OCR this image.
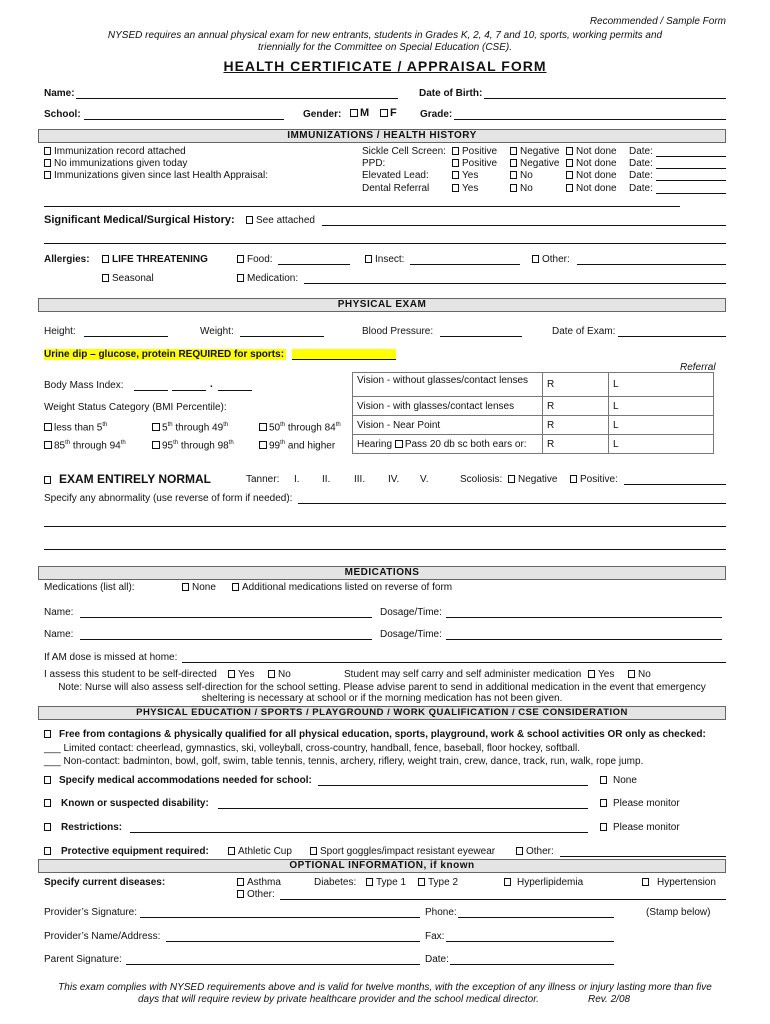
Recommended / Sample Form
NYSED requires an annual physical exam for new entrants, students in Grades K, 2, 4, 7 and 10, sports, working permits and
triennially for the Committee on Special Education (CSE).
HEALTH CERTIFICATE / APPRAISAL FORM
Name:	Date of Birth:
School:	Gender:	M	F Grade:
IMMUNIZATIONS / HEALTH HISTORY
Immunization record attached
No immunizations given today
Immunizations given since last Health Appraisal:
Sickle Cell Screen:	Positive	Negative	Not done Date:
PPD:	Positive	Negative	Not done Date:
Elevated Lead:	Yes	No	Not done Date:
Dental Referral	Yes	No	Not done Date:
Significant Medical/Surgical History:	See attached
Allergies:	LIFE THREATENING	Food:	Insect:	Other:
Seasonal	Medication:
PHYSICAL EXAM
Height:	Weight:	Blood Pressure:	Date of Exam:
Urine dip – glucose, protein REQUIRED for sports:
Referral
Body Mass Index:	.
Weight Status Category (BMI Percentile):
less than 5th	5th through 49th	50th through 84th
85th through 94th	95th through 98th	99th and higher
Vision - without glasses/contact lenses	R	L
Vision - with glasses/contact lenses	R	L
Vision - Near Point	R	L
Hearing Pass 20 db sc both ears or:	R	L
EXAM ENTIRELY NORMAL	Tanner: I. II. III. IV. V.	Scoliosis:	Negative	Positive:
Specify any abnormality (use reverse of form if needed):
MEDICATIONS
Medications (list all):	None	Additional medications listed on reverse of form
Name:	Dosage/Time:
Name:	Dosage/Time:
If AM dose is missed at home:
I assess this student to be self-directed	Yes	No	Student may self carry and self administer medication	Yes	No
Note: Nurse will also assess self-direction for the school setting. Please advise parent to send in additional medication in the event that emergency
sheltering is necessary at school or if the morning medication has not been given.
PHYSICAL EDUCATION / SPORTS / PLAYGROUND / WORK QUALIFICATION / CSE CONSIDERATION
Free from contagions & physically qualified for all physical education, sports, playground, work & school activities OR only as checked:
___ Limited contact: cheerlead, gymnastics, ski, volleyball, cross-country, handball, fence, baseball, floor hockey, softball.
___ Non-contact: badminton, bowl, golf, swim, table tennis, tennis, archery, riflery, weight train, crew, dance, track, run, walk, rope jump.
Specify medical accommodations needed for school:	None
Known or suspected disability:	Please monitor
Restrictions:	Please monitor
Protective equipment required:	Athletic Cup	Sport goggles/impact resistant eyewear	Other:
OPTIONAL INFORMATION, if known
Specify current diseases:	Asthma
Other:
Diabetes:	Type 1	Type 2	Hyperlipidemia	Hypertension
Provider’s Signature:	Phone:	(Stamp below)
Provider’s Name/Address:	Fax:
Parent Signature:	Date:
This exam complies with NYSED requirements above and is valid for twelve months, with the exception of any illness or injury lasting more than five
days that will require review by private healthcare provider and the school medical director.	Rev. 2/08
